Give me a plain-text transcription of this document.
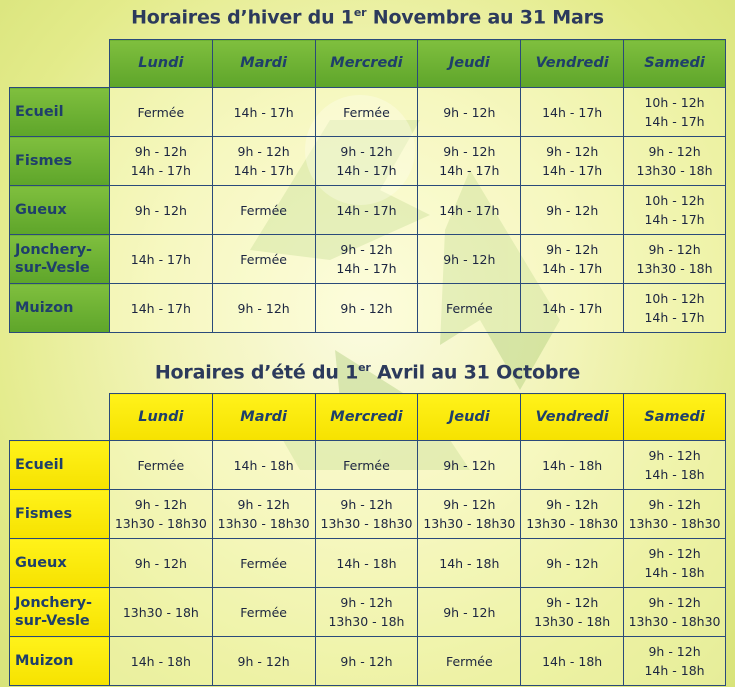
Horaires d’hiver du 1er Novembre au 31 Mars
	Lundi	Mardi	Mercredi	Jeudi	Vendredi	Samedi

Ecueil	Fermée	14h - 17h	Fermée	9h - 12h	14h - 17h	10h - 12h
14h - 17h

Fismes	9h - 12h
14h - 17h	9h - 12h
14h - 17h	9h - 12h
14h - 17h	9h - 12h
14h - 17h	9h - 12h
14h - 17h	9h - 12h
13h30 - 18h

Gueux	9h - 12h	Fermée	14h - 17h	14h - 17h	9h - 12h	10h - 12h
14h - 17h

Jonchery-
sur-Vesle	14h - 17h	Fermée	9h - 12h
14h - 17h	9h - 12h	9h - 12h
14h - 17h	9h - 12h
13h30 - 18h

Muizon	14h - 17h	9h - 12h	9h - 12h	Fermée	14h - 17h	10h - 12h
14h - 17h
Horaires d’été du 1er Avril au 31 Octobre
	Lundi	Mardi	Mercredi	Jeudi	Vendredi	Samedi

Ecueil	Fermée	14h - 18h	Fermée	9h - 12h	14h - 18h	9h - 12h
14h - 18h

Fismes	9h - 12h
13h30 - 18h30	9h - 12h
13h30 - 18h30	9h - 12h
13h30 - 18h30	9h - 12h
13h30 - 18h30	9h - 12h
13h30 - 18h30	9h - 12h
13h30 - 18h30

Gueux	9h - 12h	Fermée	14h - 18h	14h - 18h	9h - 12h	9h - 12h
14h - 18h

Jonchery-
sur-Vesle	13h30 - 18h	Fermée	9h - 12h
13h30 - 18h	9h - 12h	9h - 12h
13h30 - 18h	9h - 12h
13h30 - 18h30

Muizon	14h - 18h	9h - 12h	9h - 12h	Fermée	14h - 18h	9h - 12h
14h - 18h
